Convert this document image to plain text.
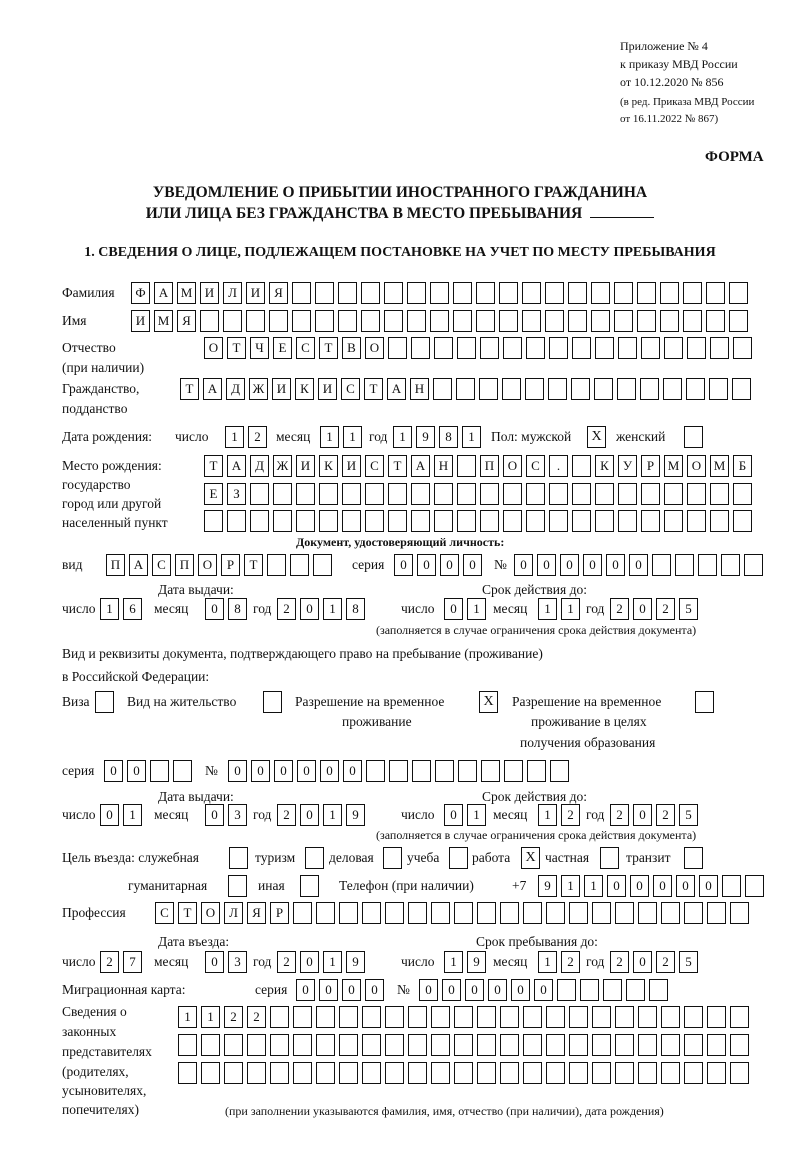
Приложение № 4
к приказу МВД России
от 10.12.2020 № 856
(в ред. Приказа МВД России
от 16.11.2022 № 867)
ФОРМА
УВЕДОМЛЕНИЕ О ПРИБЫТИИ ИНОСТРАННОГО ГРАЖДАНИНА
ИЛИ ЛИЦА БЕЗ ГРАЖДАНСТВА В МЕСТО ПРЕБЫВАНИЯ
1. СВЕДЕНИЯ О ЛИЦЕ, ПОДЛЕЖАЩЕМ ПОСТАНОВКЕ НА УЧЕТ ПО МЕСТУ ПРЕБЫВАНИЯ
Фамилия	Ф	А М И	Л	И	Я
Имя	И М Я
Отчество
(при наличии)
О	Т	Ч	Е	С	Т	В	О
Гражданство,
подданство
Т	А	Д Ж И	К	И	С	Т	А	Н
Дата рождения: число	1	2	месяц	1	1 год 1	9	8	1	Пол: мужской	X	женский
Место рождения:
государство
город или другой
населенный пункт
Т	А	Д Ж И	К	И	С	Т	А	Н	П	О	С	.	К	У	Р	М О М	Б
Е	З
Документ, удостоверяющий личность:
вид	П	А	С	П	О	Р	Т	серия	0	0	0	0	№	0	0	0	0	0	0
Дата выдачи:	Срок действия до:
число 1	6	месяц	0	8 год 2	0	1	8	число	0	1 месяц	1	1 год 2	0	2	5
(заполняется в случае ограничения срока действия документа)
Вид и реквизиты документа, подтверждающего право на пребывание (проживание)
в Российской Федерации:
Виза	Вид на жительство	Разрешение на временное
проживание
X	Разрешение на временное
проживание в целях
получения образования
серия	0	0	№	0	0	0	0	0	0
Дата выдачи:	Срок действия до:
число 0	1	месяц	0	3 год 2	0	1	9	число	0	1 месяц	1	2 год 2	0	2	5
(заполняется в случае ограничения срока действия документа)
Цель въезда: служебная	туризм	деловая учеба работа	X частная	транзит
гуманитарная	иная	Телефон (при наличии)	+7	9	1	1	0	0	0	0	0
Профессия	С	Т	О	Л	Я	Р
Дата въезда:	Срок пребывания до:
число 2	7	месяц	0	3 год 2	0	1	9	число	1	9 месяц	1	2 год 2	0	2	5
Миграционная карта:	серия	0	0	0	0	№	0	0	0	0	0	0
Сведения о
законных
представителях
(родителях,
усыновителях,
попечителях)
1	1	2	2
(при заполнении указываются фамилия, имя, отчество (при наличии), дата рождения)
